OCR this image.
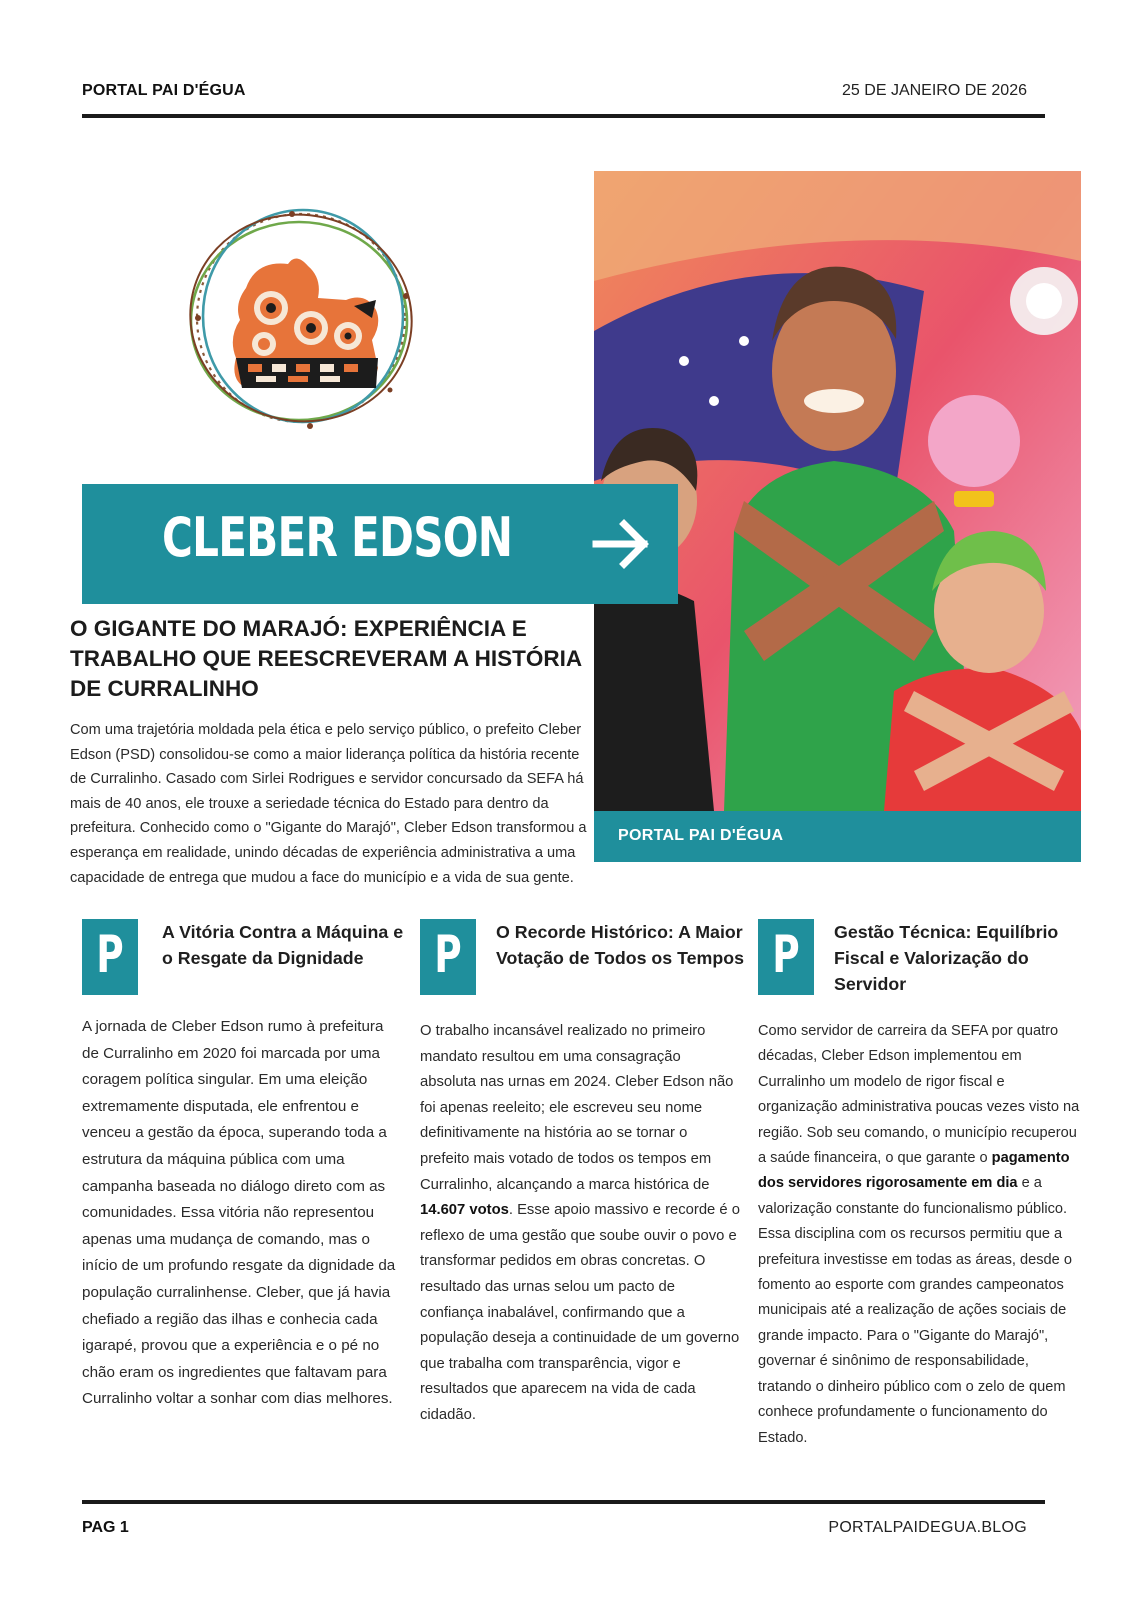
PORTAL PAI D'ÉGUA	25 DE JANEIRO DE 2026
PORTAL PAI D'ÉGUA
CLEBER EDSON
O GIGANTE DO MARAJÓ: EXPERIÊNCIA E TRABALHO QUE REESCREVERAM A HISTÓRIA DE CURRALINHO

Com uma trajetória moldada pela ética e pelo serviço público, o prefeito Cleber Edson (PSD) consolidou-se como a maior liderança política da história recente de Curralinho. Casado com Sirlei Rodrigues e servidor concursado da SEFA há mais de 40 anos, ele trouxe a seriedade técnica do Estado para dentro da prefeitura. Conhecido como o "Gigante do Marajó", Cleber Edson transformou a esperança em realidade, unindo décadas de experiência administrativa a uma capacidade de entrega que mudou a face do município e a vida de sua gente.

P	A Vitória Contra a Máquina e o Resgate da Dignidade

A jornada de Cleber Edson rumo à prefeitura de Curralinho em 2020 foi marcada por uma coragem política singular. Em uma eleição extremamente disputada, ele enfrentou e venceu a gestão da época, superando toda a estrutura da máquina pública com uma campanha baseada no diálogo direto com as comunidades. Essa vitória não representou apenas uma mudança de comando, mas o início de um profundo resgate da dignidade da população curralinhense. Cleber, que já havia chefiado a região das ilhas e conhecia cada igarapé, provou que a experiência e o pé no chão eram os ingredientes que faltavam para Curralinho voltar a sonhar com dias melhores.

P	O Recorde Histórico: A Maior Votação de Todos os Tempos

O trabalho incansável realizado no primeiro mandato resultou em uma consagração absoluta nas urnas em 2024. Cleber Edson não foi apenas reeleito; ele escreveu seu nome definitivamente na história ao se tornar o prefeito mais votado de todos os tempos em Curralinho, alcançando a marca histórica de 14.607 votos. Esse apoio massivo e recorde é o reflexo de uma gestão que soube ouvir o povo e transformar pedidos em obras concretas. O resultado das urnas selou um pacto de confiança inabalável, confirmando que a população deseja a continuidade de um governo que trabalha com transparência, vigor e resultados que aparecem na vida de cada cidadão.

P	Gestão Técnica: Equilíbrio Fiscal e Valorização do Servidor

Como servidor de carreira da SEFA por quatro décadas, Cleber Edson implementou em Curralinho um modelo de rigor fiscal e organização administrativa poucas vezes visto na região. Sob seu comando, o município recuperou a saúde financeira, o que garante o pagamento dos servidores rigorosamente em dia e a valorização constante do funcionalismo público. Essa disciplina com os recursos permitiu que a prefeitura investisse em todas as áreas, desde o fomento ao esporte com grandes campeonatos municipais até a realização de ações sociais de grande impacto. Para o "Gigante do Marajó", governar é sinônimo de responsabilidade, tratando o dinheiro público com o zelo de quem conhece profundamente o funcionamento do Estado.

PAG 1	PORTALPAIDEGUA.BLOG
